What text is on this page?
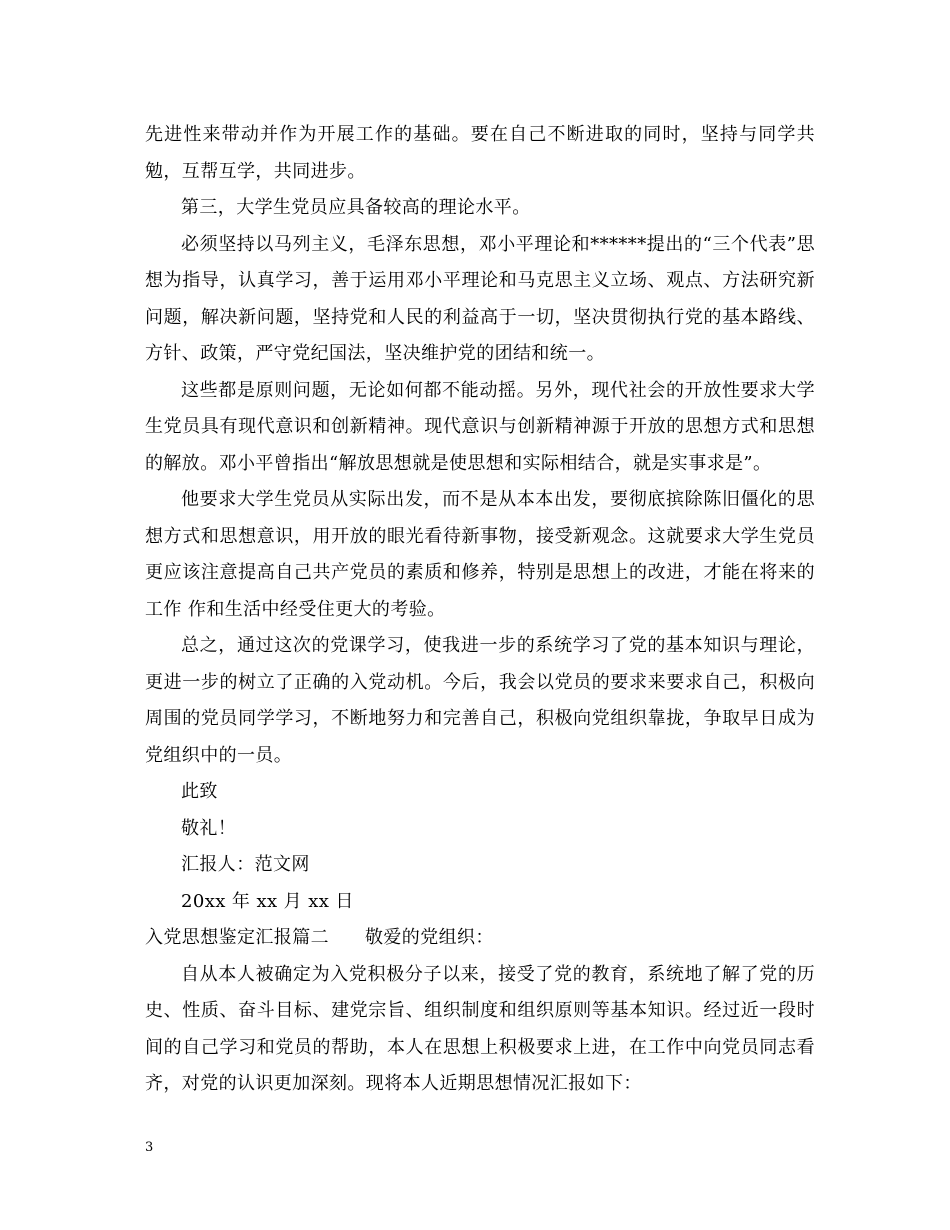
先进性来带动并作为开展工作的基础。要在自己不断进取的同时，坚持与同学共勉，互帮互学，共同进步。

第三，大学生党员应具备较高的理论水平。

必须坚持以马列主义，毛泽东思想，邓小平理论和******提出的“三个代表”思想为指导，认真学习，善于运用邓小平理论和马克思主义立场、观点、方法研究新问题，解决新问题，坚持党和人民的利益高于一切，坚决贯彻执行党的基本路线、方针、政策，严守党纪国法，坚决维护党的团结和统一。

这些都是原则问题，无论如何都不能动摇。另外，现代社会的开放性要求大学生党员具有现代意识和创新精神。现代意识与创新精神源于开放的思想方式和思想的解放。邓小平曾指出“解放思想就是使思想和实际相结合，就是实事求是”。

他要求大学生党员从实际出发，而不是从本本出发，要彻底摈除陈旧僵化的思想方式和思想意识，用开放的眼光看待新事物，接受新观念。这就要求大学生党员更应该注意提高自己共产党员的素质和修养，特别是思想上的改进，才能在将来的工作 作和生活中经受住更大的考验。

总之，通过这次的党课学习，使我进一步的系统学习了党的基本知识与理论，更进一步的树立了正确的入党动机。今后，我会以党员的要求来要求自己，积极向周围的党员同学学习，不断地努力和完善自己，积极向党组织靠拢，争取早日成为党组织中的一员。

此致

敬礼！

汇报人：范文网

20xx 年 xx 月 xx 日

入党思想鉴定汇报篇二 敬爱的党组织：

自从本人被确定为入党积极分子以来，接受了党的教育，系统地了解了党的历史、性质、奋斗目标、建党宗旨、组织制度和组织原则等基本知识。经过近一段时间的自己学习和党员的帮助，本人在思想上积极要求上进，在工作中向党员同志看齐，对党的认识更加深刻。现将本人近期思想情况汇报如下：

3
